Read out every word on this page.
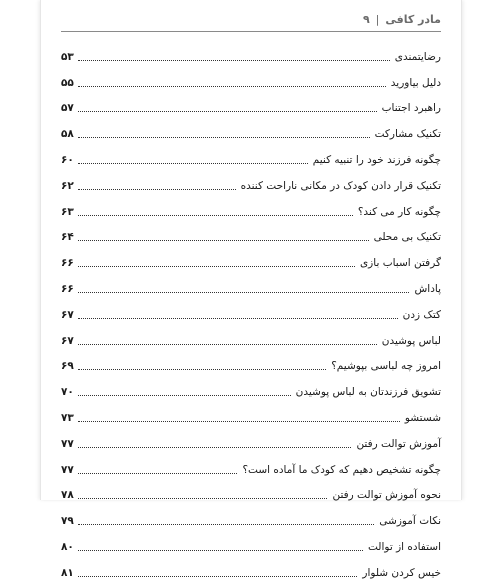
مادر کافی
|
۹
رضایتمندی
۵۳
دلیل بیاورید
۵۵
راهبرد اجتناب
۵۷
تکنیک مشارکت
۵۸
چگونه فرزند خود را تنبیه کنیم
۶۰
تکنیک قرار دادن کودک در مکانی ناراحت کننده
۶۲
چگونه کار می کند؟
۶۳
تکنیک بی محلی
۶۴
گرفتن اسباب بازی
۶۶
پاداش
۶۶
کتک زدن
۶۷
لباس پوشیدن
۶۷
امروز چه لباسی بپوشیم؟
۶۹
تشویق فرزندتان به لباس پوشیدن
۷۰
شستشو
۷۳
آموزش توالت رفتن
۷۷
چگونه تشخیص دهیم که کودک ما آماده است؟
۷۷
نحوه آموزش توالت رفتن
۷۸
نکات آموزشی
۷۹
استفاده از توالت
۸۰
خیس کردن شلوار
۸۱
